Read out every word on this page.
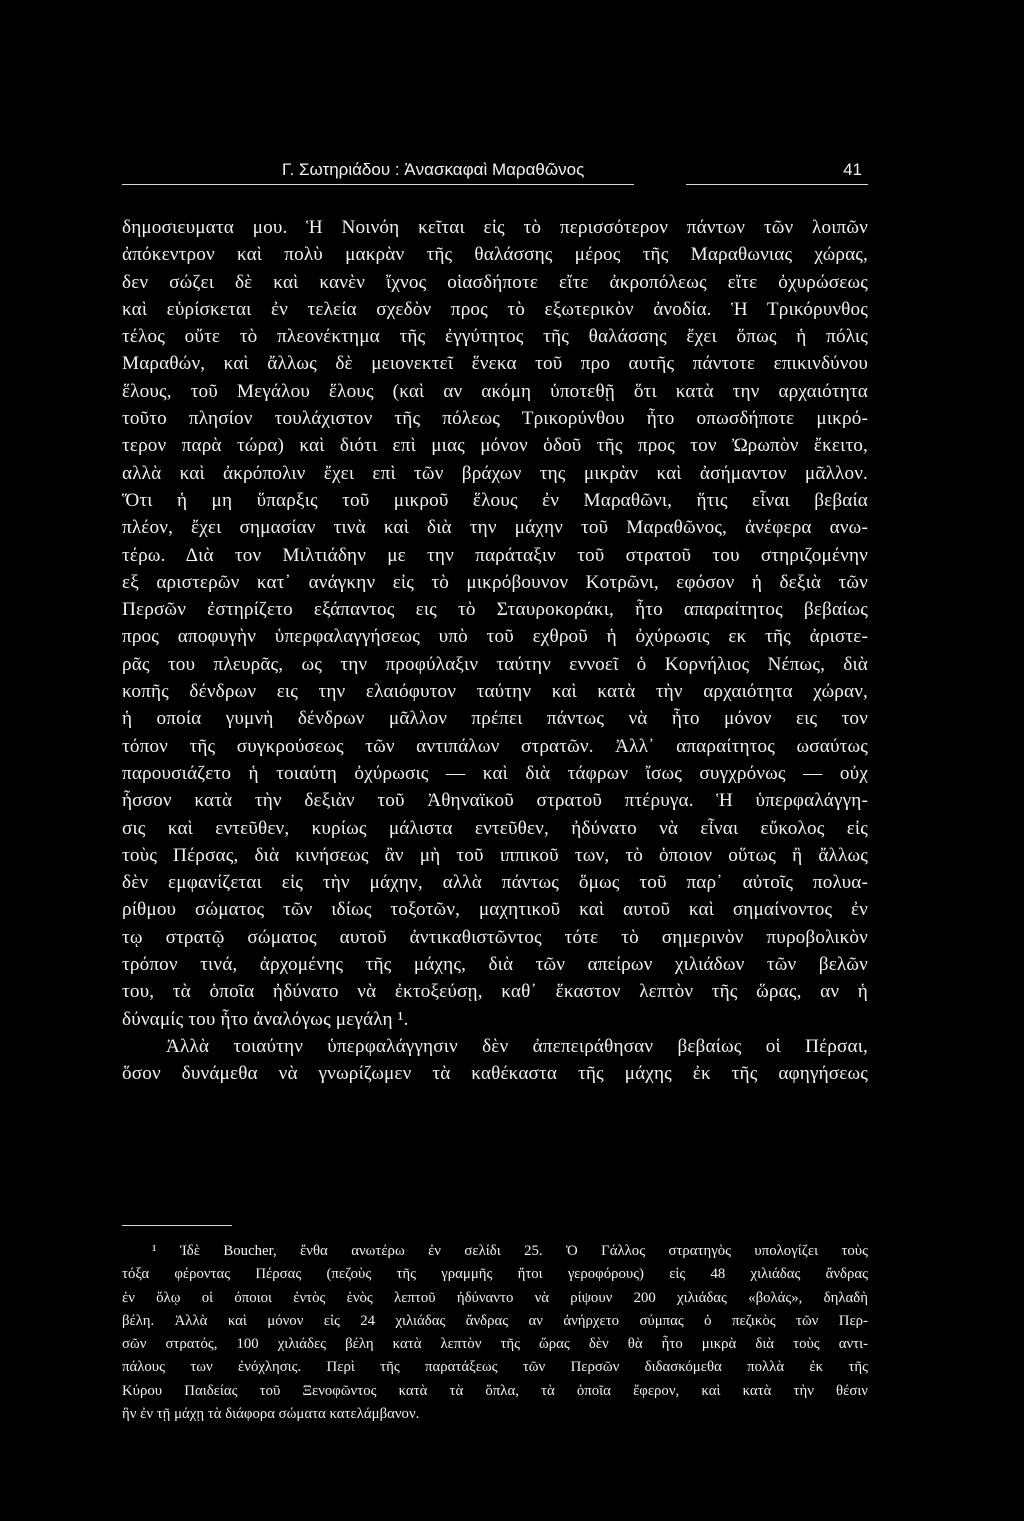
Γ. Σωτηριάδου : Ἀνασκαφαὶ Μαραθῶνος	41
δημοσιευματα μου. Ἡ Νοινόη κεῖται εἰς τὸ περισσότερον πάντων τῶν λοιπῶν
ἀπόκεντρον καὶ πολὺ μακρὰν τῆς θαλάσσης μέρος τῆς Μαραθωνιας χώρας,
δεν σώζει δὲ καὶ κανὲν ἴχνος οἱασδήποτε εἴτε ἀκροπόλεως εἴτε ὀχυρώσεως
καὶ εὑρίσκεται ἐν τελεία σχεδὸν προς τὸ εξωτερικὸν ἀνοδία. Ἡ Τρικόρυνθος
τέλος οὔτε τὸ πλεονέκτημα τῆς ἐγγύτητος τῆς θαλάσσης ἔχει ὅπως ἡ πόλις
Μαραθών, καὶ ἄλλως δὲ μειονεκτεῖ ἕνεκα τοῦ προ αυτῆς πάντοτε επικινδύνου
ἕλους, τοῦ Μεγάλου ἕλους (καὶ αν ακόμη ὑποτεθῇ ὅτι κατὰ την αρχαιότητα
τοῦτο πλησίον τουλάχιστον τῆς πόλεως Τρικορύνθου ἦτο οπωσδήποτε μικρό-
τερον παρὰ τώρα) καὶ διότι επὶ μιας μόνον ὁδοῦ τῆς προς τον Ὠρωπὸν ἔκειτο,
αλλὰ καὶ ἀκρόπολιν ἔχει επὶ τῶν βράχων της μικρὰν καὶ ἀσήμαντον μᾶλλον.
Ὅτι ἡ μη ὕπαρξις τοῦ μικροῦ ἕλους ἐν Μαραθῶνι, ἥτις εἶναι βεβαία
πλέον, ἔχει σημασίαν τινὰ καὶ διὰ την μάχην τοῦ Μαραθῶνος, ἀνέφερα ανω-
τέρω. Διὰ τον Μιλτιάδην με την παράταξιν τοῦ στρατοῦ του στηριζομένην
εξ αριστερῶν κατ᾽ ανάγκην εἰς τὸ μικρόβουνον Κοτρῶνι, εφόσον ἡ δεξιὰ τῶν
Περσῶν ἐστηρίζετο εξάπαντος εις τὸ Σταυροκοράκι, ἦτο απαραίτητος βεβαίως
προς αποφυγὴν ὑπερφαλαγγήσεως υπὸ τοῦ εχθροῦ ἡ ὀχύρωσις εκ τῆς ἀριστε-
ρᾶς του πλευρᾶς, ως την προφύλαξιν ταύτην εννοεῖ ὁ Κορνήλιος Νέπως, διὰ
κοπῆς δένδρων εις την ελαιόφυτον ταύτην καὶ κατὰ τὴν αρχαιότητα χώραν,
ἡ οποία γυμνὴ δένδρων μᾶλλον πρέπει πάντως νὰ ἦτο μόνον εις τον
τόπον τῆς συγκρούσεως τῶν αντιπάλων στρατῶν. Ἀλλ᾽ απαραίτητος ωσαύτως
παρουσιάζετο ἡ τοιαύτη ὀχύρωσις — καὶ διὰ τάφρων ἴσως συγχρόνως — οὐχ
ἧσσον κατὰ τὴν δεξιὰν τοῦ Ἀθηναϊκοῦ στρατοῦ πτέρυγα. Ἡ ὑπερφαλάγγη-
σις καὶ εντεῦθεν, κυρίως μάλιστα εντεῦθεν, ἠδύνατο νὰ εἶναι εὔκολος εἰς
τοὺς Πέρσας, διὰ κινήσεως ἂν μὴ τοῦ ιππικοῦ των, τὸ ὁποιον οὕτως ἢ ἄλλως
δὲν εμφανίζεται εἰς τὴν μάχην, αλλὰ πάντως ὅμως τοῦ παρ᾽ αὐτοῖς πολυα-
ρίθμου σώματος τῶν ιδίως τοξοτῶν, μαχητικοῦ καὶ αυτοῦ καὶ σημαίνοντος ἐν
τῳ στρατῷ σώματος αυτοῦ ἀντικαθιστῶντος τότε τὸ σημερινὸν πυροβολικὸν
τρόπον τινά, ἀρχομένης τῆς μάχης, διὰ τῶν απείρων χιλιάδων τῶν βελῶν
του, τὰ ὁποῖα ἠδύνατο νὰ ἐκτοξεύσῃ, καθ᾽ ἕκαστον λεπτὸν τῆς ὥρας, αν ἡ
δύναμίς του ἦτο ἀναλόγως μεγάλη ¹.
Ἀλλὰ τοιαύτην ὑπερφαλάγγησιν δὲν ἀπεπειράθησαν βεβαίως οἱ Πέρσαι,
ὅσον δυνάμεθα νὰ γνωρίζωμεν τὰ καθέκαστα τῆς μάχης ἐκ τῆς αφηγήσεως
¹ Ἰδὲ Boucher, ἔνθα ανωτέρω ἐν σελίδι 25. Ὁ Γάλλος στρατηγὸς υπολογίζει τοὺς
τόξα φέροντας Πέρσας (πεζοὺς τῆς γραμμῆς ἤτοι γεροφόρους) εἰς 48 χιλιάδας ἄνδρας
ἐν ὅλῳ οἱ όποιοι ἐντὸς ἑνὸς λεπτοῦ ἠδύναντο νὰ ρίψουν 200 χιλιάδας «βολάς», δηλαδὴ
βέλη. Ἀλλὰ καὶ μόνον εἰς 24 χιλιάδας ἄνδρας αν ἀνήρχετο σύμπας ὁ πεζικὸς τῶν Περ-
σῶν στρατός, 100 χιλιάδες βέλη κατὰ λεπτὸν τῆς ὥρας δὲν θὰ ἦτο μικρὰ διὰ τοὺς αντι-
πάλους των ἐνόχλησις. Περὶ τῆς παρατάξεως τῶν Περσῶν διδασκόμεθα πολλὰ ἐκ τῆς
Κύρου Παιδείας τοῦ Ξενοφῶντος κατὰ τὰ ὅπλα, τὰ ὁποῖα ἔφερον, καὶ κατὰ τὴν θέσιν
ἣν ἐν τῇ μάχῃ τὰ διάφορα σώματα κατελάμβανον.
